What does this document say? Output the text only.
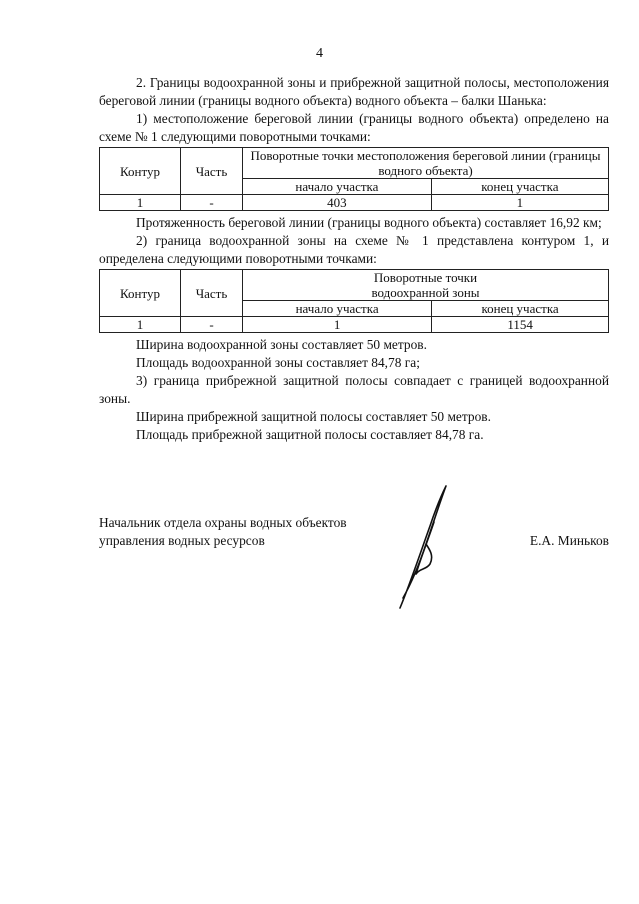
4

2. Границы водоохранной зоны и прибрежной защитной полосы, местоположения береговой линии (границы водного объекта) водного объекта – балки Шанька:

1) местоположение береговой линии (границы водного объекта) определено на схеме № 1 следующими поворотными точками:

Контур	Часть	Поворотные точки местоположения береговой линии (границы водного объекта)	
		начало участка	конец участка
1	-	403	1

Протяженность береговой линии (границы водного объекта) составляет 16,92 км;

2) граница водоохранной зоны на схеме № 1 представлена контуром 1, и определена следующими поворотными точками:

Контур	Часть	Поворотные точки
водоохранной зоны	
		начало участка	конец участка
1	-	1	1154

Ширина водоохранной зоны составляет 50 метров.

Площадь водоохранной зоны составляет 84,78 га;

3) граница прибрежной защитной полосы совпадает с границей водоохранной зоны.

Ширина прибрежной защитной полосы составляет 50 метров.

Площадь прибрежной защитной полосы составляет 84,78 га.

Начальник отдела охраны водных объектов
управления водных ресурсов	Е.А. Миньков
